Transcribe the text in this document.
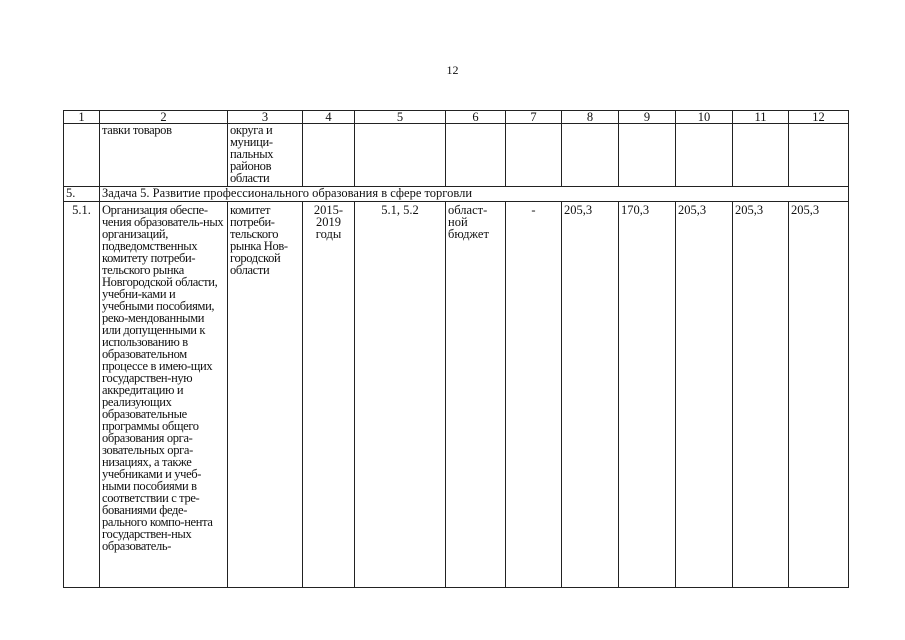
12
1	2	3	4	5	6	7	8	9	10	11	12
	тавки товаров	округа и муници-пальных районов области									
5.	Задача 5. Развитие профессионального образования в сфере торговли										
5.1.	Организация обеспе-чения образователь-ных организаций, подведомственных комитету потреби-тельского рынка Новгородской области, учебни-ками и учебными пособиями, реко-мендованными или допущенными к использованию в образовательном процессе в имею-щих государствен-ную аккредитацию и реализующих образовательные программы общего образования орга-зовательных орга-низациях, а также учебниками и учеб-ными пособиями в соответствии с тре-бованиями феде-рального компо-нента государствен-ных образователь-	комитет потреби-тельского рынка Нов-городской области	2015-2019 годы	5.1, 5.2	област-ной бюджет	-	205,3	170,3	205,3	205,3	205,3
